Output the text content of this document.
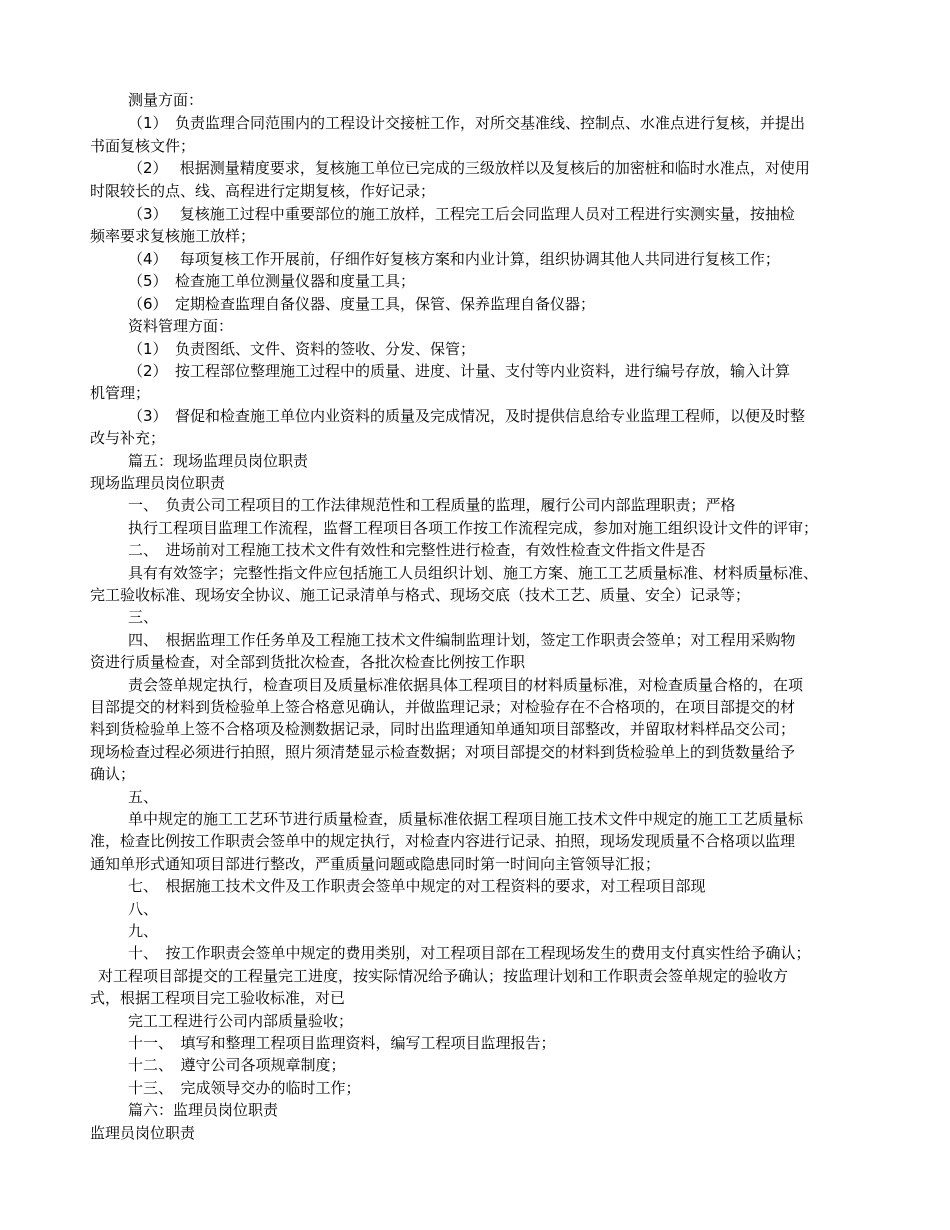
测量方面：
（1）　负责监理合同范围内的工程设计交接桩工作，对所交基准线、控制点、水准点进行复核，并提出
书面复核文件；
（2）　 根据测量精度要求，复核施工单位已完成的三级放样以及复核后的加密桩和临时水准点，对使用
时限较长的点、线、高程进行定期复核，作好记录；
（3）　 复核施工过程中重要部位的施工放样，工程完工后会同监理人员对工程进行实测实量，按抽检
频率要求复核施工放样；
（4）　 每项复核工作开展前，仔细作好复核方案和内业计算，组织协调其他人共同进行复核工作；
（5）　检查施工单位测量仪器和度量工具；
（6）　定期检查监理自备仪器、度量工具，保管、保养监理自备仪器；
资料管理方面：
（1）　负责图纸、文件、资料的签收、分发、保管；
（2）　按工程部位整理施工过程中的质量、进度、计量、支付等内业资料，进行编号存放，输入计算
机管理；
（3）　督促和检查施工单位内业资料的质量及完成情况，及时提供信息给专业监理工程师，以便及时整
改与补充；
篇五：现场监理员岗位职责
现场监理员岗位职责
一、　负责公司工程项目的工作法律规范性和工程质量的监理，履行公司内部监理职责；严格
执行工程项目监理工作流程，监督工程项目各项工作按工作流程完成，参加对施工组织设计文件的评审；
二、　进场前对工程施工技术文件有效性和完整性进行检查，有效性检查文件指文件是否
具有有效签字；完整性指文件应包括施工人员组织计划、施工方案、施工工艺质量标准、材料质量标准、
完工验收标准、现场安全协议、施工记录清单与格式、现场交底（技术工艺、质量、安全）记录等；
三、
四、　根据监理工作任务单及工程施工技术文件编制监理计划，签定工作职责会签单；对工程用采购物
资进行质量检查，对全部到货批次检查，各批次检查比例按工作职
责会签单规定执行，检查项目及质量标准依据具体工程项目的材料质量标准，对检查质量合格的，在项
目部提交的材料到货检验单上签合格意见确认，并做监理记录；对检验存在不合格项的，在项目部提交的材
料到货检验单上签不合格项及检测数据记录，同时出监理通知单通知项目部整改，并留取材料样品交公司；
现场检查过程必须进行拍照，照片须清楚显示检查数据；对项目部提交的材料到货检验单上的到货数量给予
确认；
五、
单中规定的施工工艺环节进行质量检查，质量标准依据工程项目施工技术文件中规定的施工工艺质量标
准，检查比例按工作职责会签单中的规定执行，对检查内容进行记录、拍照，现场发现质量不合格项以监理
通知单形式通知项目部进行整改，严重质量问题或隐患同时第一时间向主管领导汇报；
七、　根据施工技术文件及工作职责会签单中规定的对工程资料的要求，对工程项目部现
八、
九、
十、　按工作职责会签单中规定的费用类别，对工程项目部在工程现场发生的费用支付真实性给予确认；
对工程项目部提交的工程量完工进度，按实际情况给予确认；按监理计划和工作职责会签单规定的验收方
式，根据工程项目完工验收标准，对已
完工工程进行公司内部质量验收；
十一、　填写和整理工程项目监理资料，编写工程项目监理报告；
十二、　遵守公司各项规章制度；
十三、　完成领导交办的临时工作；
篇六：监理员岗位职责
监理员岗位职责
